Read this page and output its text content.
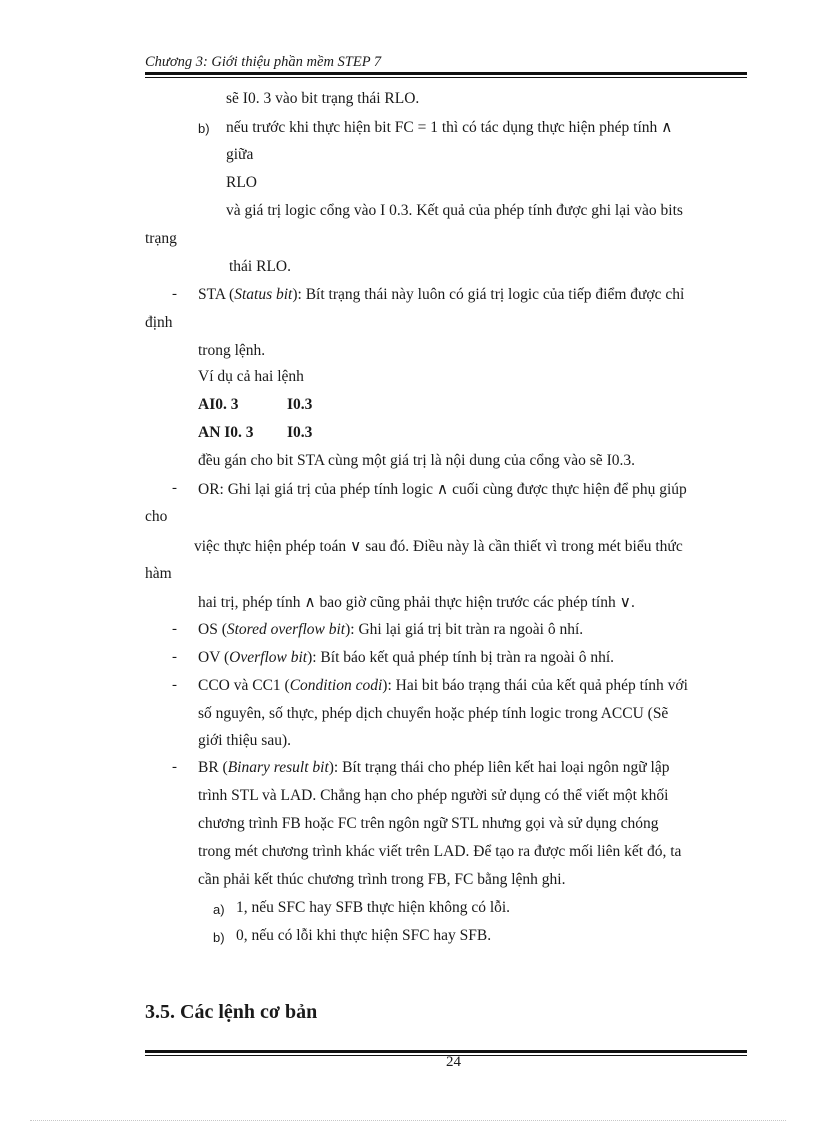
Chương 3: Giới thiệu phần mềm STEP 7
sẽ I0. 3 vào bit trạng thái RLO.
b) nếu trước khi thực hiện bit FC = 1 thì có tác dụng thực hiện phép tính ∧
giữa
RLO
và giá trị logic cổng vào I 0.3. Kết quả của phép tính được ghi lại vào bits
trạng
thái RLO.
- STA (Status bit): Bít trạng thái này luôn có giá trị logic của tiếp điểm được chỉ
định
trong lệnh.
Ví dụ cả hai lệnh
AI0. 3	I0.3
AN I0. 3 I0.3
đều gán cho bit STA cùng một giá trị là nội dung của cổng vào sẽ I0.3.
- OR: Ghi lại giá trị của phép tính logic ∧ cuối cùng được thực hiện để phụ giúp
cho
việc thực hiện phép toán ∨ sau đó. Điều này là cần thiết vì trong mét biểu thức
hàm
hai trị, phép tính ∧ bao giờ cũng phải thực hiện trước các phép tính ∨.
- OS (Stored overflow bit): Ghi lại giá trị bit tràn ra ngoài ô nhí.
- OV (Overflow bit): Bít báo kết quả phép tính bị tràn ra ngoài ô nhí.
- CCO và CC1 (Condition codi): Hai bit báo trạng thái của kết quả phép tính với
số nguyên, số thực, phép dịch chuyển hoặc phép tính logic trong ACCU (Sẽ
giới thiệu sau).
- BR (Binary result bit): Bít trạng thái cho phép liên kết hai loại ngôn ngữ lập
trình STL và LAD. Chẳng hạn cho phép người sử dụng có thể viết một khối
chương trình FB hoặc FC trên ngôn ngữ STL nhưng gọi và sử dụng chóng
trong mét chương trình khác viết trên LAD. Để tạo ra được mối liên kết đó, ta
cần phải kết thúc chương trình trong FB, FC bằng lệnh ghi.
a) 1, nếu SFC hay SFB thực hiện không có lỗi.
b) 0, nếu có lỗi khi thực hiện SFC hay SFB.
3.5. Các lệnh cơ bản
24
